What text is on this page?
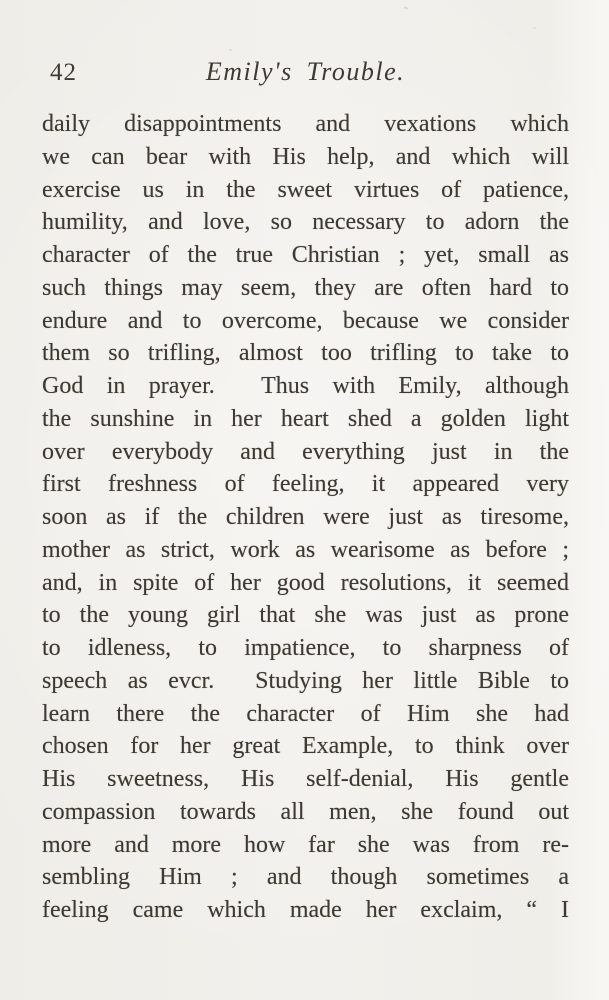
42	Emily's Trouble.
daily disappointments and vexations which
we can bear with His help, and which will
exercise us in the sweet virtues of patience,
humility, and love, so necessary to adorn the
character of the true Christian ; yet, small as
such things may seem, they are often hard to
endure and to overcome, because we consider
them so trifling, almost too trifling to take to
God in prayer.  Thus with Emily, although
the sunshine in her heart shed a golden light
over everybody and everything just in the
first freshness of feeling, it appeared very
soon as if the children were just as tiresome,
mother as strict, work as wearisome as before ;
and, in spite of her good resolutions, it seemed
to the young girl that she was just as prone
to idleness, to impatience, to sharpness of
speech as evcr.  Studying her little Bible to
learn there the character of Him she had
chosen for her great Example, to think over
His sweetness, His self-denial, His gentle
compassion towards all men, she found out
more and more how far she was from re-
sembling Him ; and though sometimes a
feeling came which made her exclaim, “ I
